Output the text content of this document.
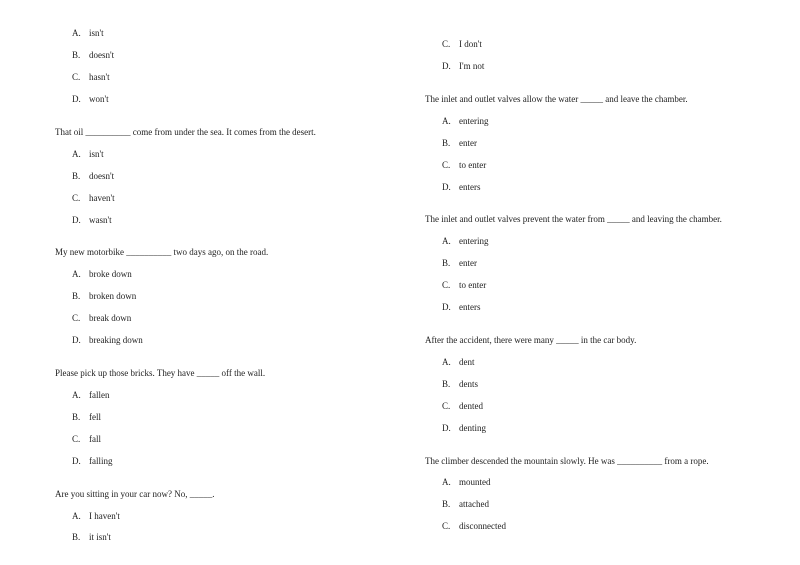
A. isn't
B. doesn't
C. hasn't
D. won't
That oil __________ come from under the sea. It comes from the desert.
A. isn't
B. doesn't
C. haven't
D. wasn't
My new motorbike __________ two days ago, on the road.
A. broke down
B. broken down
C. break down
D. breaking down
Please pick up those bricks. They have _____ off the wall.
A. fallen
B. fell
C. fall
D. falling
Are you sitting in your car now? No, _____.
A. I haven't
B. it isn't
C. I don't
D. I'm not
The inlet and outlet valves allow the water _____ and leave the chamber.
A. entering
B. enter
C. to enter
D. enters
The inlet and outlet valves prevent the water from _____ and leaving the chamber.
A. entering
B. enter
C. to enter
D. enters
After the accident, there were many _____ in the car body.
A. dent
B. dents
C. dented
D. denting
The climber descended the mountain slowly. He was __________ from a rope.
A. mounted
B. attached
C. disconnected
